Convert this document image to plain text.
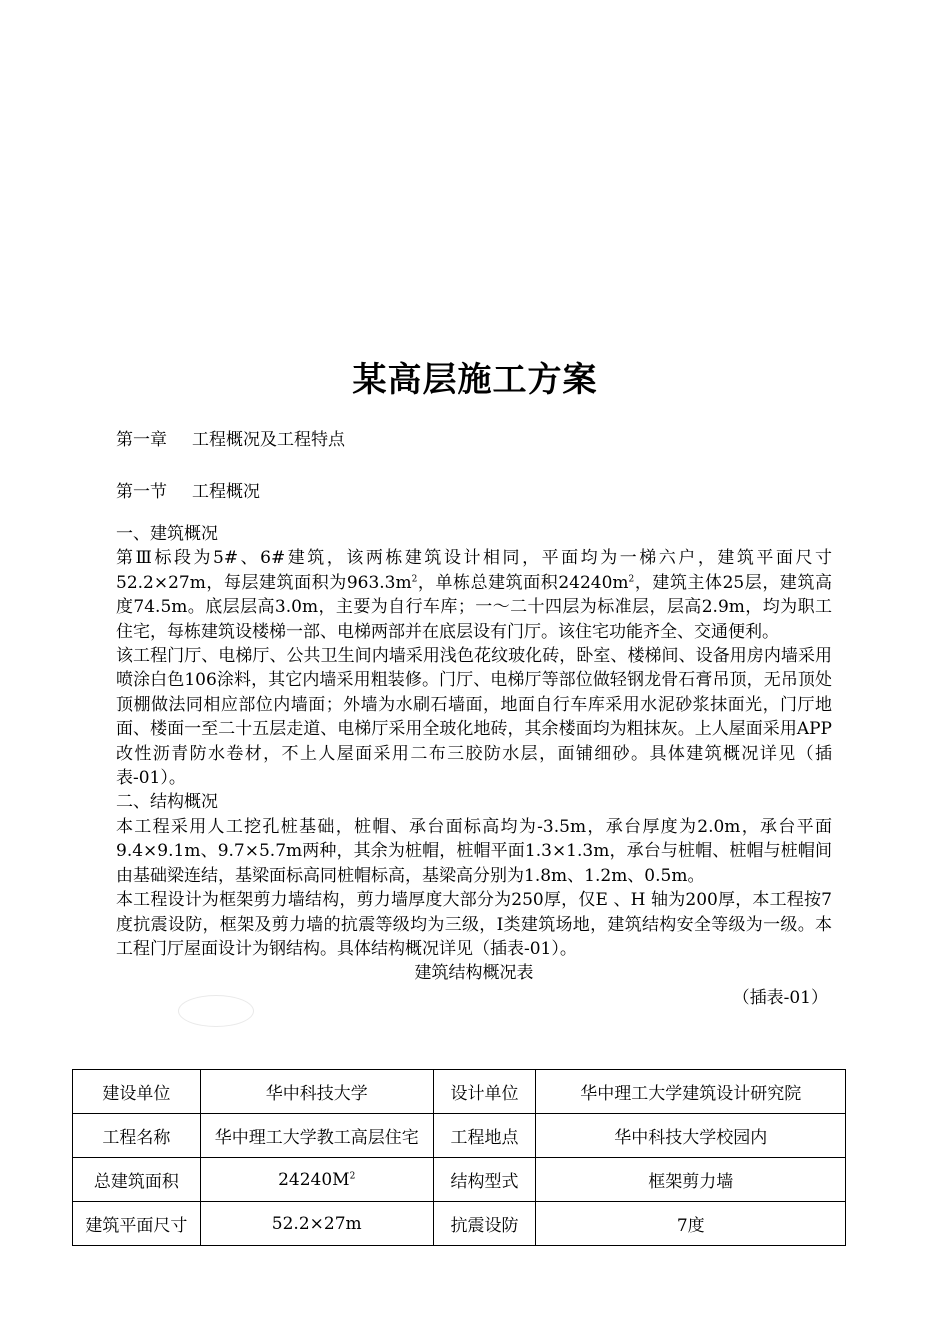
某高层施工方案
第一章 工程概况及工程特点
第一节 工程概况

一、建筑概况

第Ⅲ标段为5#、6#建筑，该两栋建筑设计相同，平面均为一梯六户，建筑平面尺寸52.2×27m，每层建筑面积为$963.3m^2$，单栋总建筑面积$24240m^2$，建筑主体25层，建筑高度74.5m。底层层高3.0m，主要为自行车库；一～二十四层为标准层，层高2.9m，均为职工住宅，每栋建筑设楼梯一部、电梯两部并在底层设有门厅。该住宅功能齐全、交通便利。

该工程门厅、电梯厅、公共卫生间内墙采用浅色花纹玻化砖，卧室、楼梯间、设备用房内墙采用喷涂白色106涂料，其它内墙采用粗装修。门厅、电梯厅等部位做轻钢龙骨石膏吊顶，无吊顶处顶棚做法同相应部位内墙面；外墙为水刷石墙面，地面自行车库采用水泥砂浆抹面光，门厅地面、楼面一至二十五层走道、电梯厅采用全玻化地砖，其余楼面均为粗抹灰。上人屋面采用APP改性沥青防水卷材，不上人屋面采用二布三胶防水层，面铺细砂。具体建筑概况详见（插表-01）。

二、结构概况

本工程采用人工挖孔桩基础，桩帽、承台面标高均为-3.5m，承台厚度为2.0m，承台平面9.4×9.1m、9.7×5.7m两种，其余为桩帽，桩帽平面1.3×1.3m，承台与桩帽、桩帽与桩帽间由基础梁连结，基梁面标高同桩帽标高，基梁高分别为1.8m、1.2m、0.5m。

本工程设计为框架剪力墙结构，剪力墙厚度大部分为250厚，仅E 、H 轴为200厚，本工程按7度抗震设防，框架及剪力墙的抗震等级均为三级，Ⅰ类建筑场地，建筑结构安全等级为一级。本工程门厅屋面设计为钢结构。具体结构概况详见（插表-01）。

建筑结构概况表

（插表-01）

建设单位	华中科技大学	设计单位	华中理工大学建筑设计研究院
工程名称	华中理工大学教工高层住宅	工程地点	华中科技大学校园内
总建筑面积	$24240M^2$	结构型式	框架剪力墙
建筑平面尺寸	52.2×27m	抗震设防	7度
